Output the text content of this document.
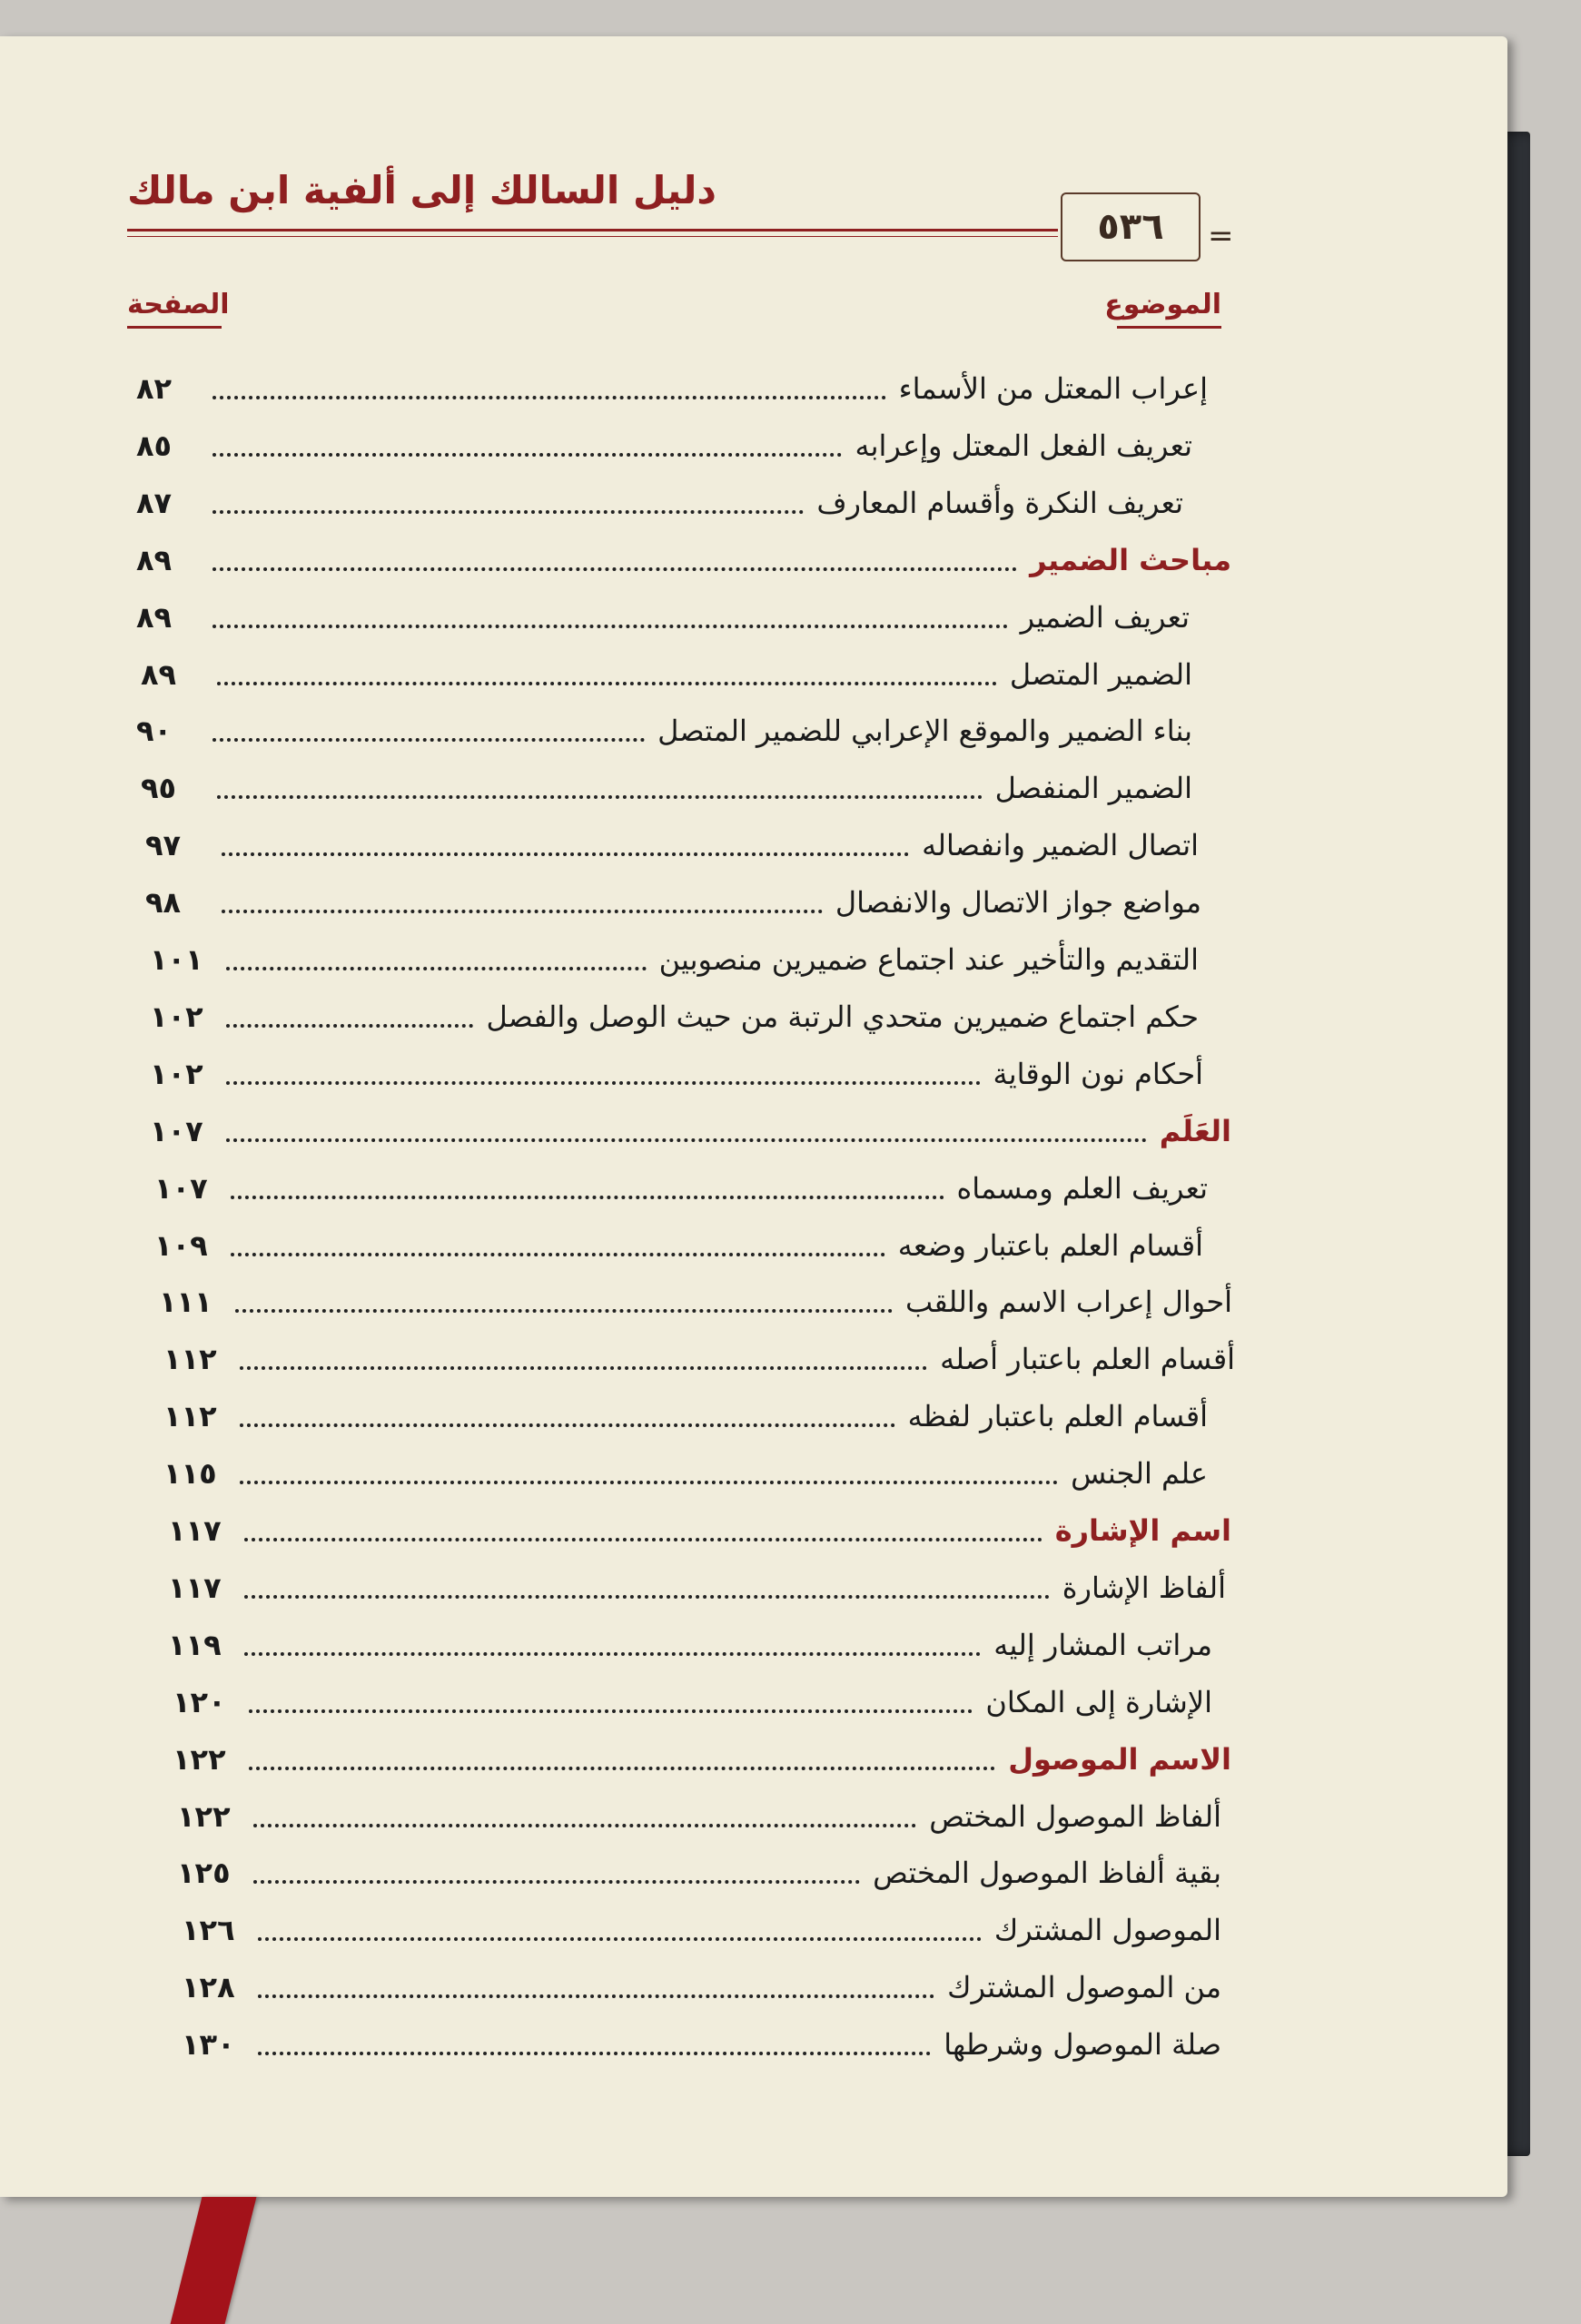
دليل السالك إلى ألفية ابن مالك
٥٣٦ =
الصفحة	الموضوع
إعراب المعتل من الأسماء
٨٢
تعريف الفعل المعتل وإعرابه
٨٥
تعريف النكرة وأقسام المعارف
٨٧
مباحث الضمير
٨٩
تعريف الضمير
٨٩
الضمير المتصل
٨٩
بناء الضمير والموقع الإعرابي للضمير المتصل
٩٠
الضمير المنفصل
٩٥
اتصال الضمير وانفصاله
٩٧
مواضع جواز الاتصال والانفصال
٩٨
التقديم والتأخير عند اجتماع ضميرين منصوبين
١٠١
حكم اجتماع ضميرين متحدي الرتبة من حيث الوصل والفصل
١٠٢
أحكام نون الوقاية
١٠٢
العَلَم
١٠٧
تعريف العلم ومسماه
١٠٧
أقسام العلم باعتبار وضعه
١٠٩
أحوال إعراب الاسم واللقب
١١١
أقسام العلم باعتبار أصله
١١٢
أقسام العلم باعتبار لفظه
١١٢
علم الجنس
١١٥
اسم الإشارة
١١٧
ألفاظ الإشارة
١١٧
مراتب المشار إليه
١١٩
الإشارة إلى المكان
١٢٠
الاسم الموصول
١٢٢
ألفاظ الموصول المختص
١٢٢
بقية ألفاظ الموصول المختص
١٢٥
الموصول المشترك
١٢٦
من الموصول المشترك
١٢٨
صلة الموصول وشرطها
١٣٠
